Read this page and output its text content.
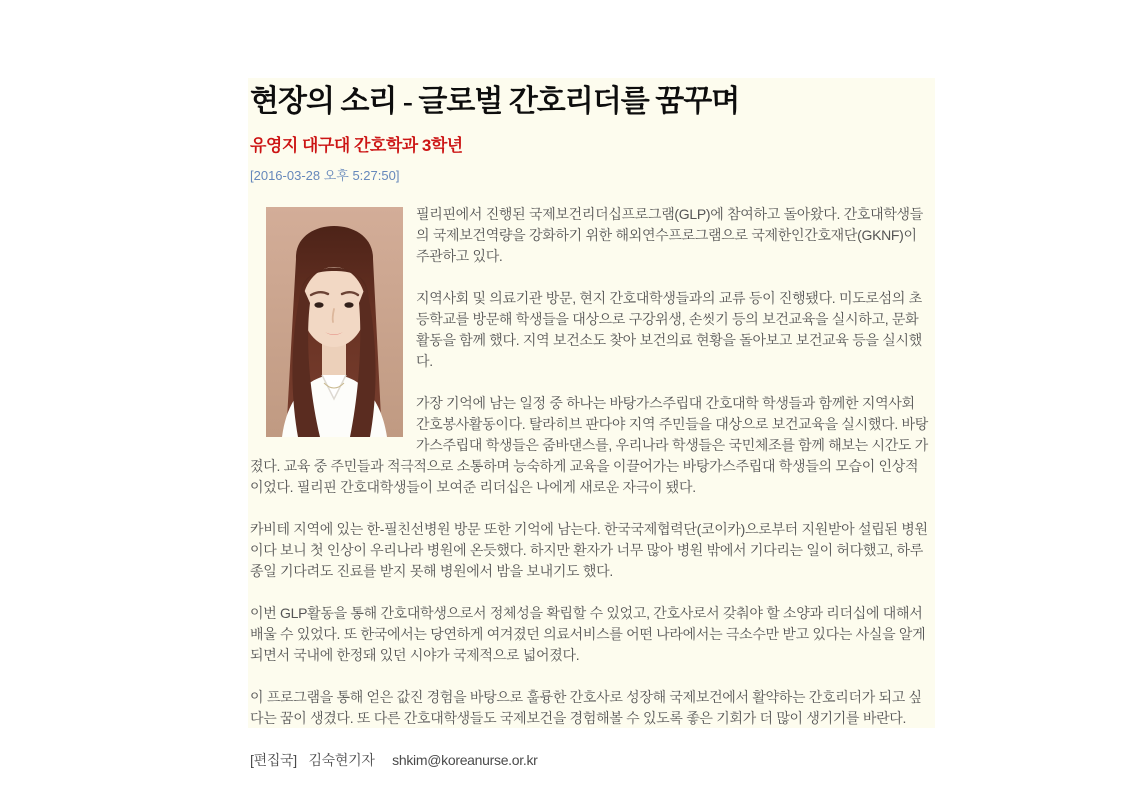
현장의 소리 - 글로벌 간호리더를 꿈꾸며
유영지 대구대 간호학과 3학년
[2016-03-28 오후 5:27:50]

필리핀에서 진행된 국제보건리더십프로그램(GLP)에 참여하고 돌아왔다. 간호대학생들의 국제보건역량을 강화하기 위한 해외연수프로그램으로 국제한인간호재단(GKNF)이 주관하고 있다.

지역사회 및 의료기관 방문, 현지 간호대학생들과의 교류 등이 진행됐다. 미도로섬의 초등학교를 방문해 학생들을 대상으로 구강위생, 손씻기 등의 보건교육을 실시하고, 문화활동을 함께 했다. 지역 보건소도 찾아 보건의료 현황을 돌아보고 보건교육 등을 실시했다.

가장 기억에 남는 일정 중 하나는 바탕가스주립대 간호대학 학생들과 함께한 지역사회 간호봉사활동이다. 탈라히브 판다야 지역 주민들을 대상으로 보건교육을 실시했다. 바탕가스주립대 학생들은 줌바댄스를, 우리나라 학생들은 국민체조를 함께 해보는 시간도 가졌다. 교육 중 주민들과 적극적으로 소통하며 능숙하게 교육을 이끌어가는 바탕가스주립대 학생들의 모습이 인상적이었다. 필리핀 간호대학생들이 보여준 리더십은 나에게 새로운 자극이 됐다.

카비테 지역에 있는 한-필친선병원 방문 또한 기억에 남는다. 한국국제협력단(코이카)으로부터 지원받아 설립된 병원이다 보니 첫 인상이 우리나라 병원에 온듯했다. 하지만 환자가 너무 많아 병원 밖에서 기다리는 일이 허다했고, 하루 종일 기다려도 진료를 받지 못해 병원에서 밤을 보내기도 했다.

이번 GLP활동을 통해 간호대학생으로서 정체성을 확립할 수 있었고, 간호사로서 갖춰야 할 소양과 리더십에 대해서 배울 수 있었다. 또 한국에서는 당연하게 여겨졌던 의료서비스를 어떤 나라에서는 극소수만 받고 있다는 사실을 알게 되면서 국내에 한정돼 있던 시야가 국제적으로 넓어졌다.

이 프로그램을 통해 얻은 값진 경험을 바탕으로 훌륭한 간호사로 성장해 국제보건에서 활약하는 간호리더가 되고 싶다는 꿈이 생겼다. 또 다른 간호대학생들도 국제보건을 경험해볼 수 있도록 좋은 기회가 더 많이 생기기를 바란다.

[편집국] 김숙현기자 shkim@koreanurse.or.kr
